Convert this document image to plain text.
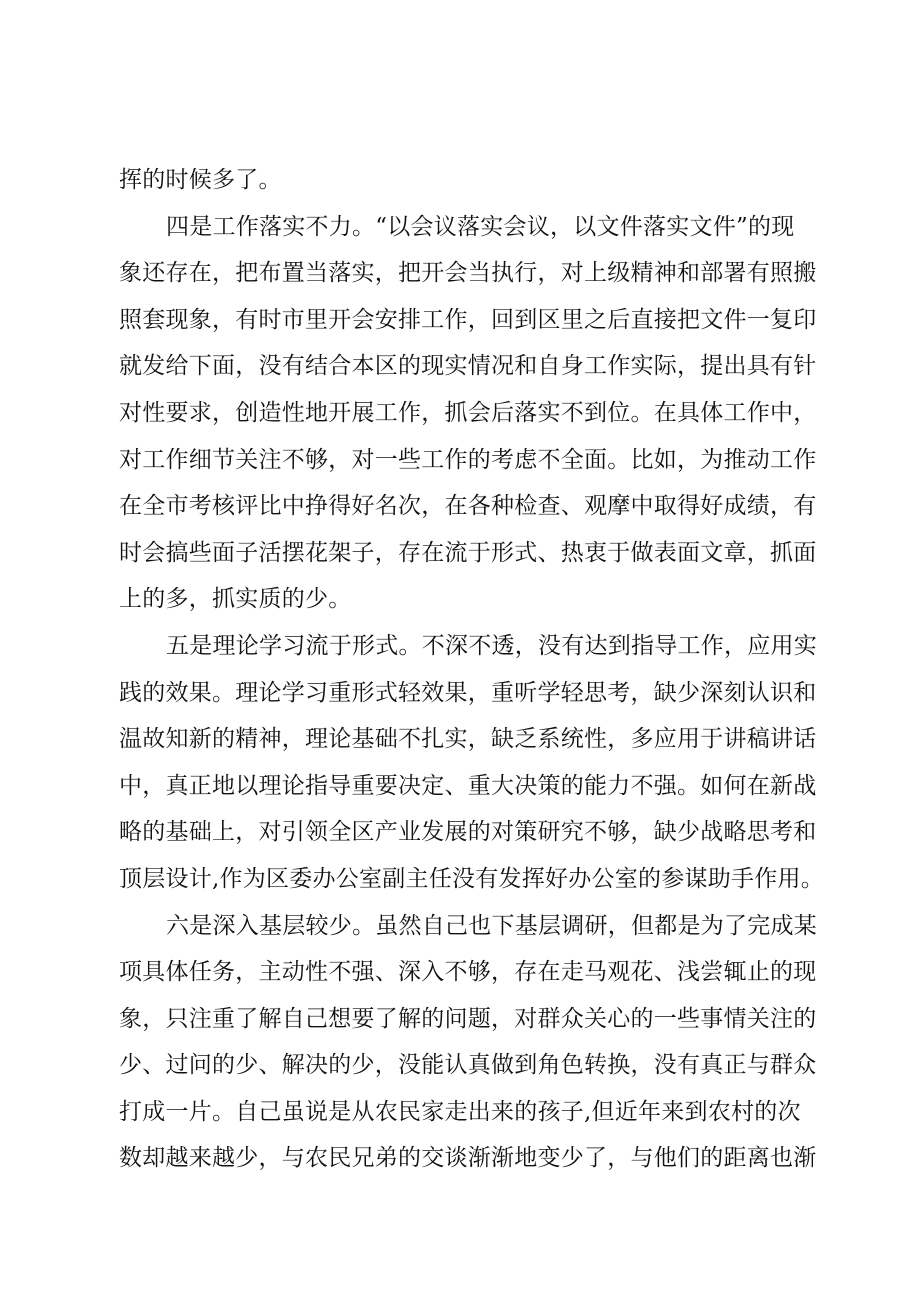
挥的时候多了。
四是工作落实不力。“以会议落实会议，以文件落实文件”的现
象还存在，把布置当落实，把开会当执行，对上级精神和部署有照搬
照套现象，有时市里开会安排工作，回到区里之后直接把文件一复印
就发给下面，没有结合本区的现实情况和自身工作实际，提出具有针
对性要求，创造性地开展工作，抓会后落实不到位。在具体工作中，
对工作细节关注不够，对一些工作的考虑不全面。比如，为推动工作
在全市考核评比中挣得好名次，在各种检查、观摩中取得好成绩，有
时会搞些面子活摆花架子，存在流于形式、热衷于做表面文章，抓面
上的多，抓实质的少。
五是理论学习流于形式。不深不透，没有达到指导工作，应用实
践的效果。理论学习重形式轻效果，重听学轻思考，缺少深刻认识和
温故知新的精神，理论基础不扎实，缺乏系统性，多应用于讲稿讲话
中，真正地以理论指导重要决定、重大决策的能力不强。如何在新战
略的基础上，对引领全区产业发展的对策研究不够，缺少战略思考和
顶层设计,作为区委办公室副主任没有发挥好办公室的参谋助手作用。
六是深入基层较少。虽然自己也下基层调研，但都是为了完成某
项具体任务，主动性不强、深入不够，存在走马观花、浅尝辄止的现
象，只注重了解自己想要了解的问题，对群众关心的一些事情关注的
少、过问的少、解决的少，没能认真做到角色转换，没有真正与群众
打成一片。自己虽说是从农民家走出来的孩子,但近年来到农村的次
数却越来越少，与农民兄弟的交谈渐渐地变少了，与他们的距离也渐
